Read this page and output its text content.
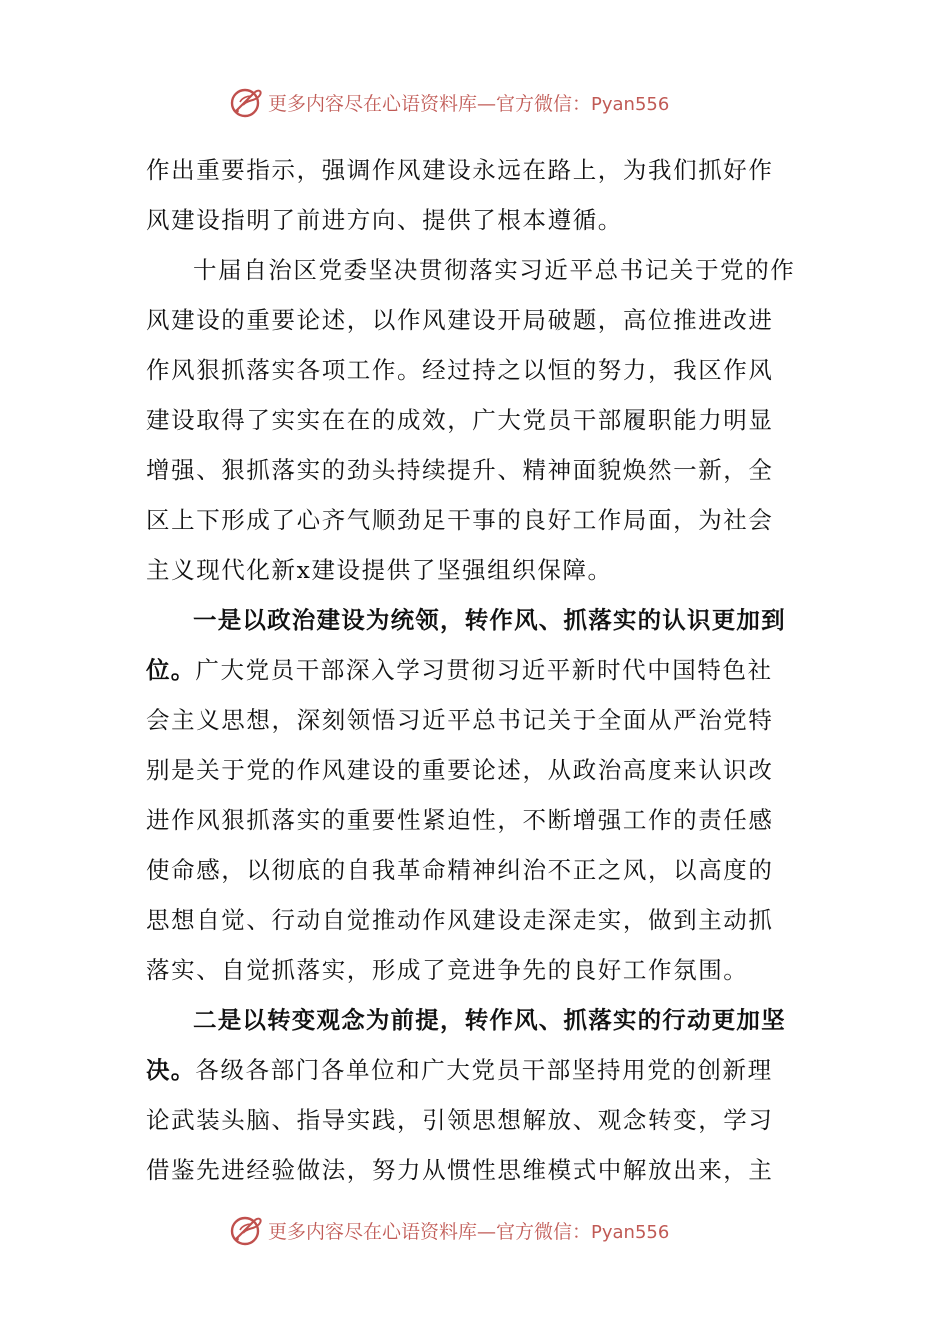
更多内容尽在心语资料库—官方微信：Pyan556
作出重要指示，强调作风建设永远在路上，为我们抓好作
风建设指明了前进方向、提供了根本遵循。
十届自治区党委坚决贯彻落实习近平总书记关于党的作
风建设的重要论述，以作风建设开局破题，高位推进改进
作风狠抓落实各项工作。经过持之以恒的努力，我区作风
建设取得了实实在在的成效，广大党员干部履职能力明显
增强、狠抓落实的劲头持续提升、精神面貌焕然一新，全
区上下形成了心齐气顺劲足干事的良好工作局面，为社会
主义现代化新x建设提供了坚强组织保障。
一是以政治建设为统领，转作风、抓落实的认识更加到
位。广大党员干部深入学习贯彻习近平新时代中国特色社
会主义思想，深刻领悟习近平总书记关于全面从严治党特
别是关于党的作风建设的重要论述，从政治高度来认识改
进作风狠抓落实的重要性紧迫性，不断增强工作的责任感
使命感，以彻底的自我革命精神纠治不正之风，以高度的
思想自觉、行动自觉推动作风建设走深走实，做到主动抓
落实、自觉抓落实，形成了竞进争先的良好工作氛围。
二是以转变观念为前提，转作风、抓落实的行动更加坚
决。各级各部门各单位和广大党员干部坚持用党的创新理
论武装头脑、指导实践，引领思想解放、观念转变，学习
借鉴先进经验做法，努力从惯性思维模式中解放出来，主
更多内容尽在心语资料库—官方微信：Pyan556
